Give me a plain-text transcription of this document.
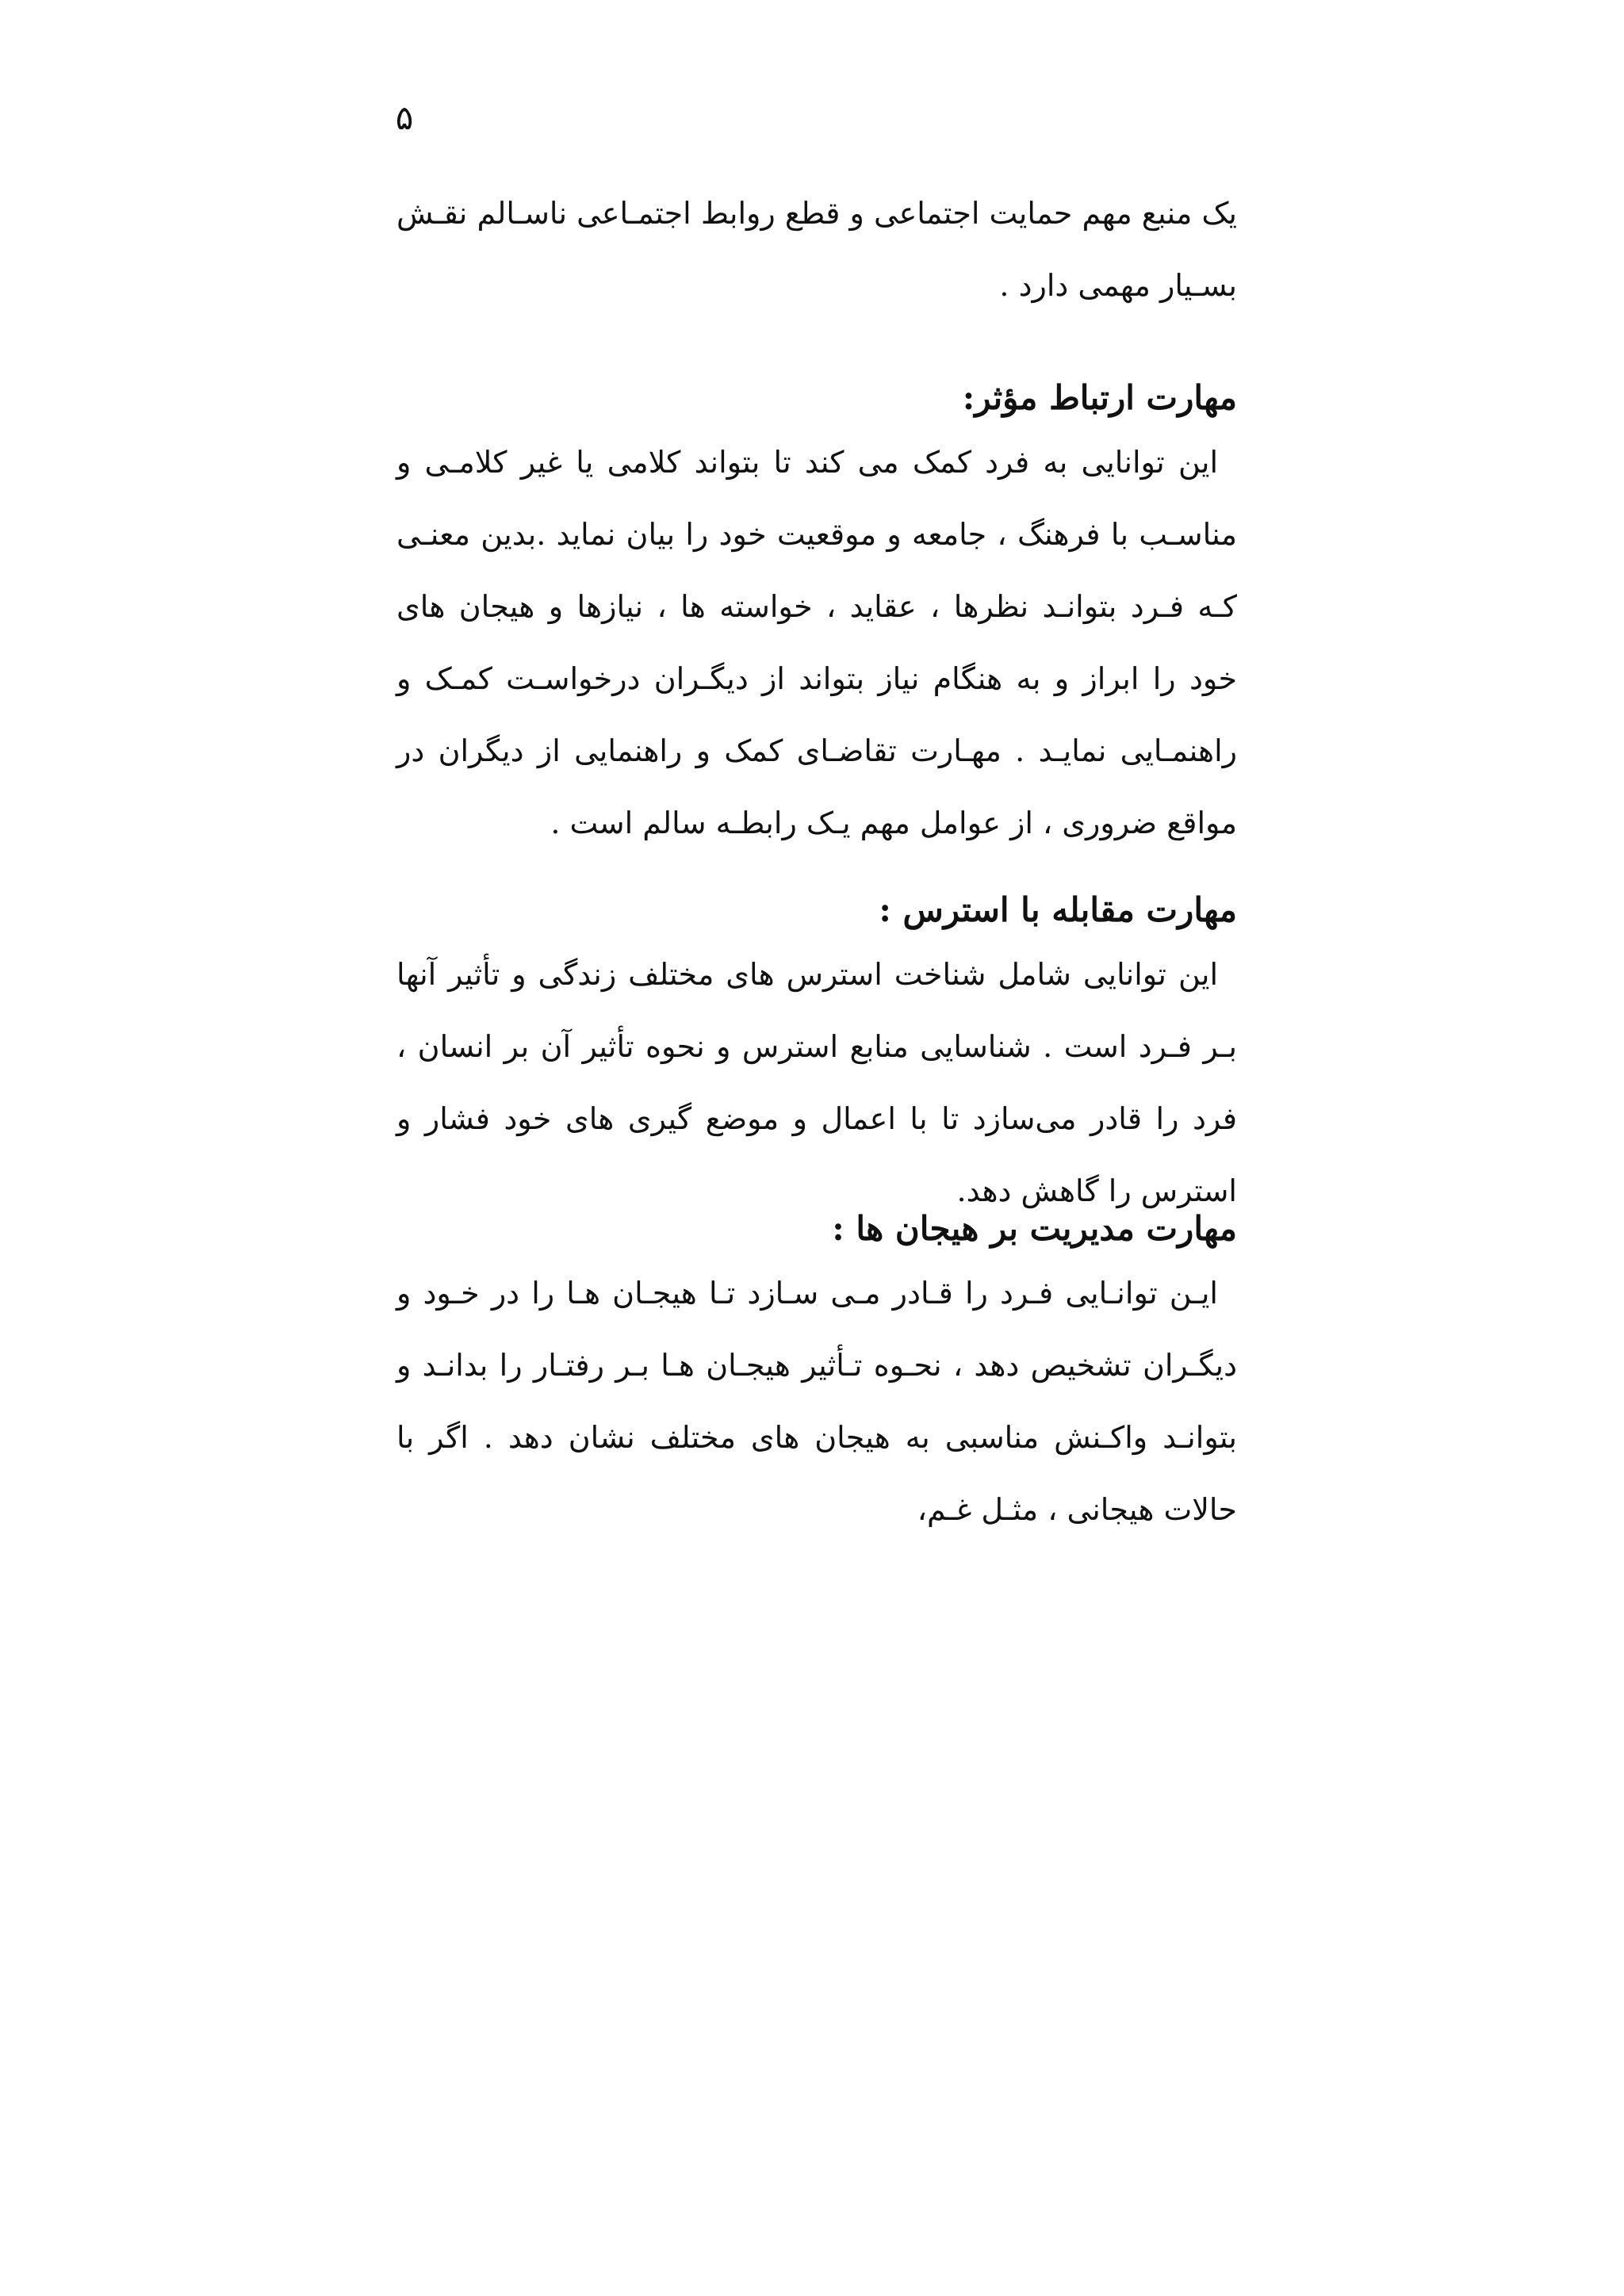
۵

یک منبع مهم حمایت اجتماعی و قطع روابط اجتمـاعی ناسـالم نقـش بسـیار مهمی دارد .

مهارت ارتباط مؤثر:

این توانایی به فرد کمک می کند تا بتواند کلامی یا غیر کلامـی و مناسـب با فرهنگ ، جامعه و موقعیت خود را بیان نماید .بدین معنـی کـه فـرد بتوانـد نظرها ، عقاید ، خواسته ها ، نیازها و هیجان های خود را ابراز و به هنگام نیاز بتواند از دیگـران درخواسـت کمـک و راهنمـایی نمایـد . مهـارت تقاضـای کمک و راهنمایی از دیگران در مواقع ضروری ، از عوامل مهم یـک رابطـه سالم است .

مهارت مقابله با استرس :

این توانایی شامل شناخت استرس های مختلف زندگی و تأثیر آنها بـر فـرد است . شناسایی منابع استرس و نحوه تأثیر آن بر انسان ، فرد را قادر می‌سازد تا با اعمال و موضع گیری های خود فشار و استرس را گاهش دهد.

مهارت مدیریت بر هیجان ها :

ایـن توانـایی فـرد را قـادر مـی سـازد تـا هیجـان هـا را در خـود و دیگـران تشخیص دهد ، نحـوه تـأثیر هیجـان هـا بـر رفتـار را بدانـد و بتوانـد واکـنش مناسبی به هیجان های مختلف نشان دهد . اگر با حالات هیجانی ، مثـل غـم،
